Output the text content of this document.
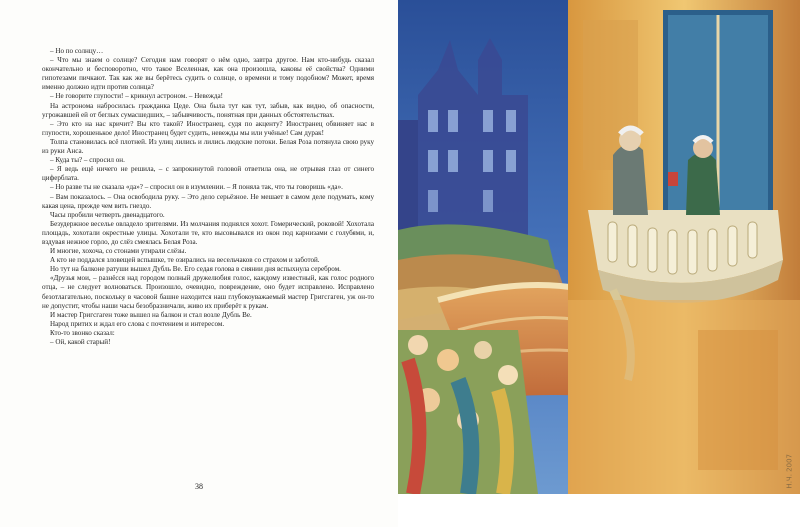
– Но по солнцу…

– Что мы знаем о солнце? Сегодня нам говорят о нём одно, завтра другое. Нам кто-нибудь сказал окончательно и бесповоротно, что такое Вселенная, как она произошла, каковы её свойства? Одними гипотезами пичкают. Так как же вы берётесь судить о солнце, о времени и тому подобном? Может, время именно должно идти против солнца?

– Не говорите глупости! – крикнул астроном. – Невежда!

На астронома набросилась гражданка Цеде. Она была тут как тут, забыв, как видно, об опасности, угрожавшей ей от беглых сумасшедших, – забывчивость, понятная при данных обстоятельствах.

– Это кто на нас кричит? Вы кто такой? Иностранец, судя по акценту? Иностранец обвиняет нас в глупости, хорошенькое дело! Иностранец будет судить, невежды мы или учёные! Сам дурак!

Толпа становилась всё плотней. Из улиц лились и лились людские потоки. Белая Роза потянула свою руку из руки Анса.

– Куда ты? – спросил он.

– Я ведь ещё ничего не решила, – с запрокинутой головой ответила она, не отрывая глаз от синего циферблата.

– Но разве ты не сказала «да»? – спросил он в изумлении. – Я поняла так, что ты говоришь «да».

– Вам показалось. – Она освободила руку. – Это дело серьёзное. Не мешает в самом деле подумать, кому какая цена, прежде чем вить гнездо.

Часы пробили четверть двенадцатого.

Безудержное веселье овладело зрителями. Из молчания поднялся хохот. Гомерический, роковой! Хохотала площадь, хохотали окрестные улицы. Хохотали те, кто высовывался из окон под карнизами с голубями, и, вздувая нежное горло, до слёз смеялась Белая Роза.

И многие, хохоча, со стонами утирали слёзы.

А кто не поддался зловещей вспышке, те озирались на весельчаков со страхом и заботой.

Но тут на балконе ратуши вышел Дубль Ве. Его седая голова в сиянии дня вспыхнула серебром.

«Друзья мои, – разнёсся над городом полный дружелюбия голос, каждому известный, как голос родного отца, – не следует волноваться. Произошло, очевидно, повреждение, оно будет исправлено. Исправлено безотлагательно, поскольку в часовой башне находится наш глубокоуважаемый мастер Григсгаген, уж он-то не допустит, чтобы наши часы безобразничали, живо их приберёт к рукам.

И мастер Григсгаген тоже вышел на балкон и стал возле Дубль Ве.

Народ притих и ждал его слова с почтением и интересом.

Кто-то звонко сказал:

– Ой, какой старый!

38	Н.Ч. 2007
